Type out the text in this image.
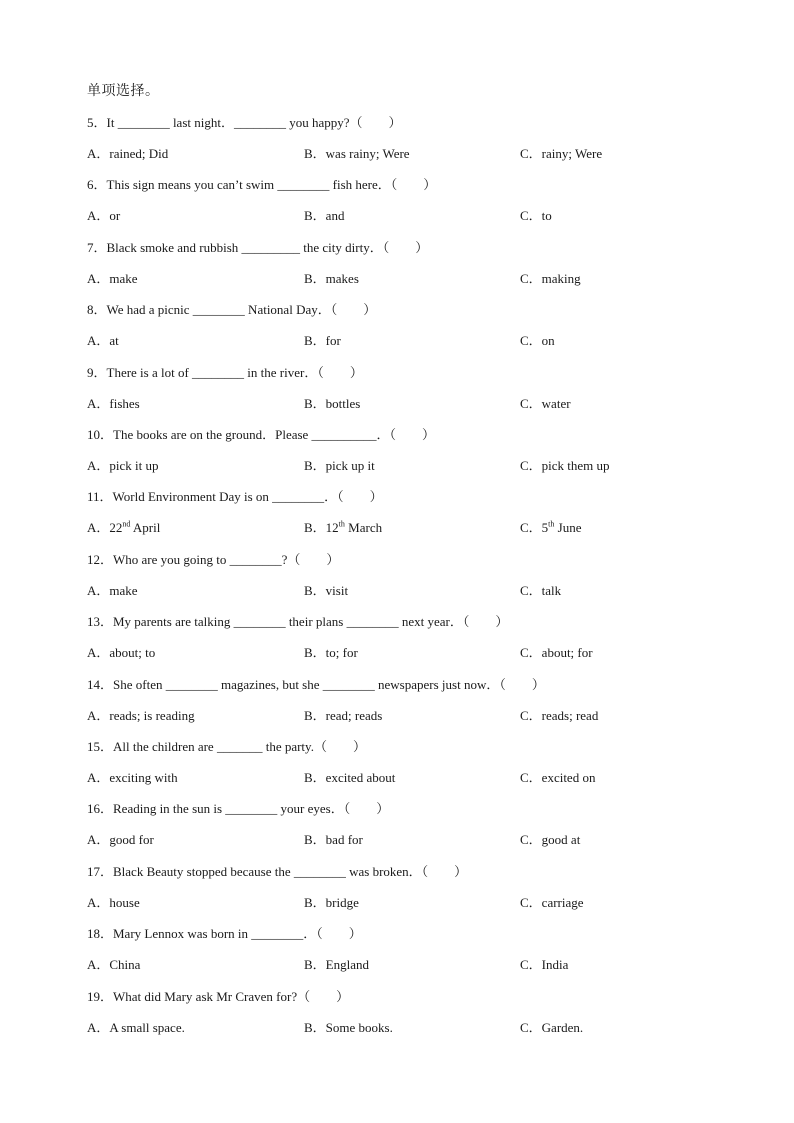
单项选择。
5．It ________ last night．________ you happy?（　　）
A．rained; Did	B．was rainy; Were	C．rainy; Were
6．This sign means you can’t swim ________ fish here．（　　）
A．or	B．and	C．to
7．Black smoke and rubbish _________ the city dirty．（　　）
A．make	B．makes	C．making
8．We had a picnic ________ National Day．（　　）
A．at	B．for	C．on
9．There is a lot of ________ in the river．（　　）
A．fishes	B．bottles	C．water
10．The books are on the ground．Please __________．（　　）
A．pick it up	B．pick up it	C．pick them up
11．World Environment Day is on ________．（　　）
A．22nd April	B．12th March	C．5th June
12．Who are you going to ________?（　　）
A．make	B．visit	C．talk
13．My parents are talking ________ their plans ________ next year．（　　）
A．about; to	B．to; for	C．about; for
14．She often ________ magazines, but she ________ newspapers just now．（　　）
A．reads; is reading	B．read; reads	C．reads; read
15．All the children are _______ the party.（　　）
A．exciting with	B．excited about	C．excited on
16．Reading in the sun is ________ your eyes．（　　）
A．good for	B．bad for	C．good at
17．Black Beauty stopped because the ________ was broken．（　　）
A．house	B．bridge	C．carriage
18．Mary Lennox was born in ________．（　　）
A．China	B．England	C．India
19．What did Mary ask Mr Craven for?（　　）
A．A small space.	B．Some books.	C．Garden.
